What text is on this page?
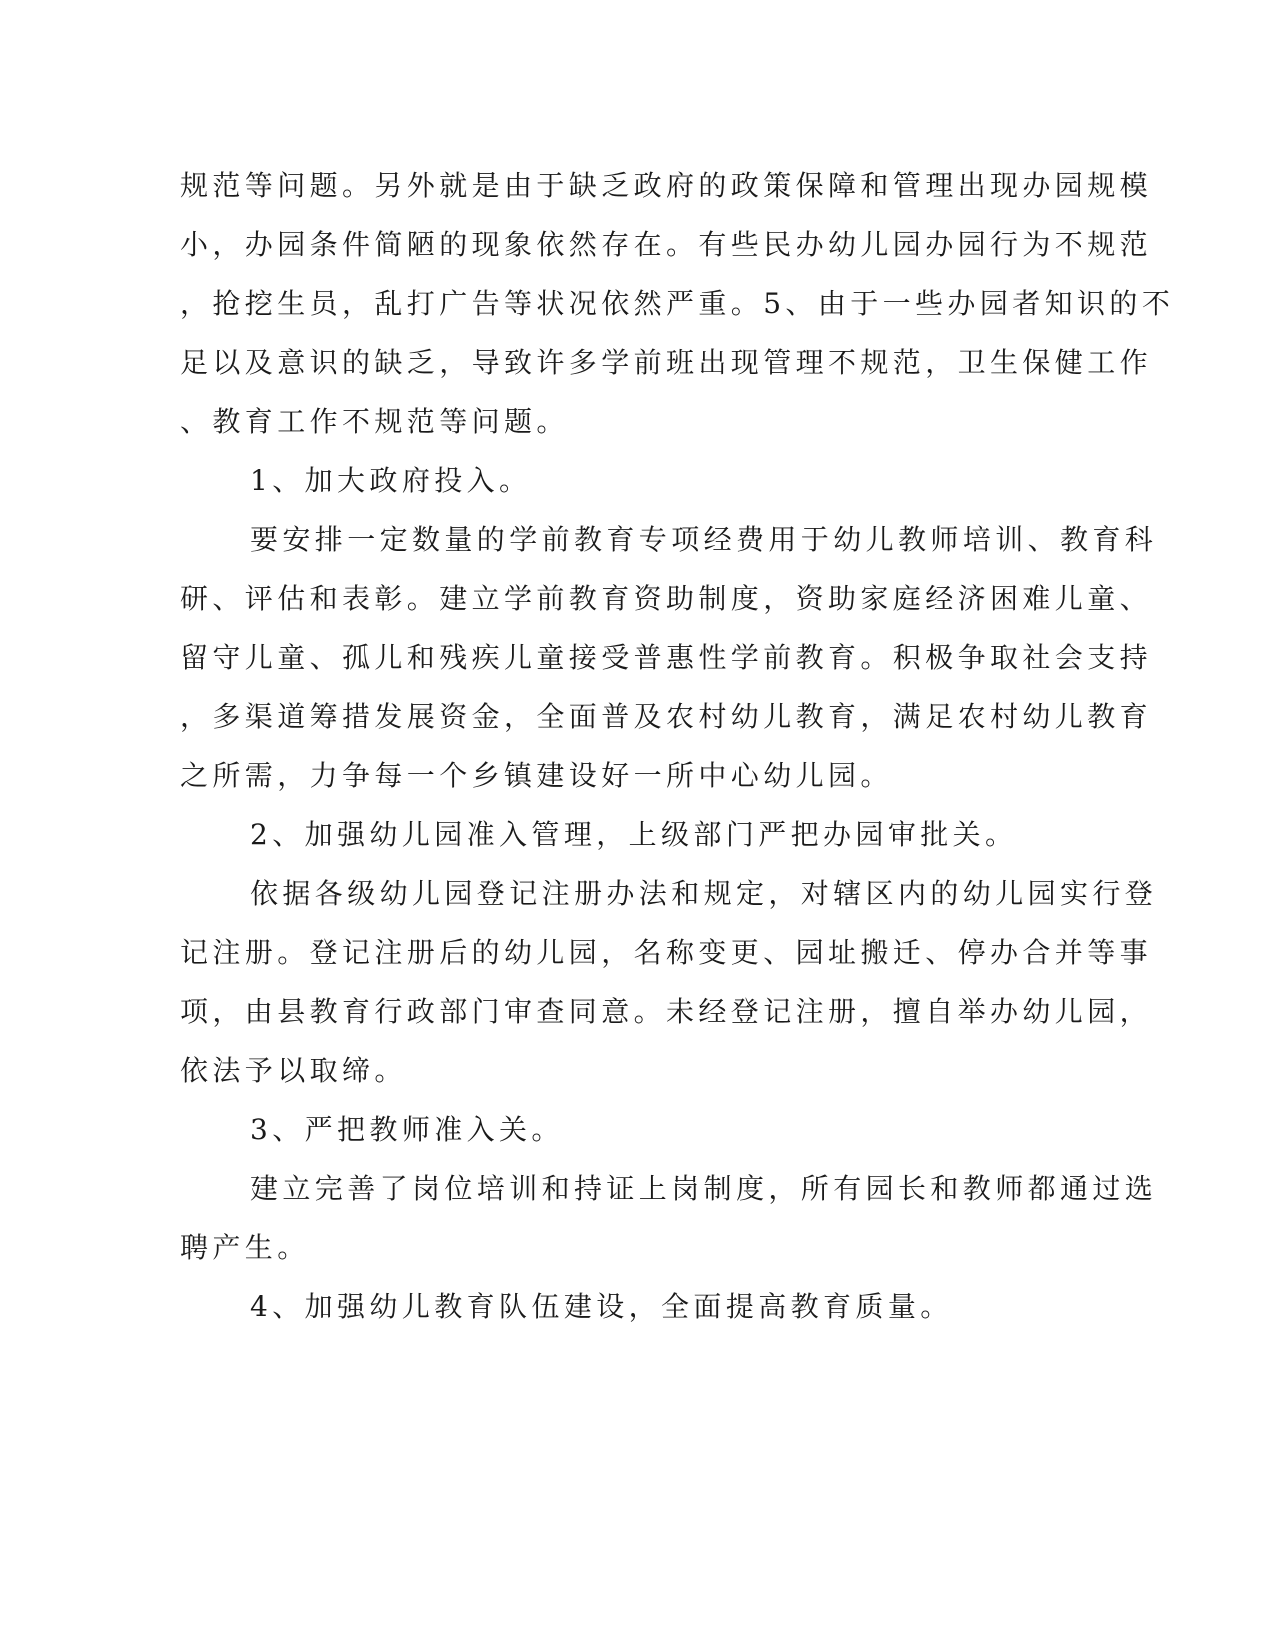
规范等问题。另外就是由于缺乏政府的政策保障和管理出现办园规模
小，办园条件简陋的现象依然存在。有些民办幼儿园办园行为不规范
，抢挖生员，乱打广告等状况依然严重。5、由于一些办园者知识的不
足以及意识的缺乏，导致许多学前班出现管理不规范，卫生保健工作
、教育工作不规范等问题。
1、加大政府投入。
要安排一定数量的学前教育专项经费用于幼儿教师培训、教育科
研、评估和表彰。建立学前教育资助制度，资助家庭经济困难儿童、
留守儿童、孤儿和残疾儿童接受普惠性学前教育。积极争取社会支持
，多渠道筹措发展资金，全面普及农村幼儿教育，满足农村幼儿教育
之所需，力争每一个乡镇建设好一所中心幼儿园。
2、加强幼儿园准入管理，上级部门严把办园审批关。
依据各级幼儿园登记注册办法和规定，对辖区内的幼儿园实行登
记注册。登记注册后的幼儿园，名称变更、园址搬迁、停办合并等事
项，由县教育行政部门审查同意。未经登记注册，擅自举办幼儿园，
依法予以取缔。
3、严把教师准入关。
建立完善了岗位培训和持证上岗制度，所有园长和教师都通过选
聘产生。
4、加强幼儿教育队伍建设，全面提高教育质量。
